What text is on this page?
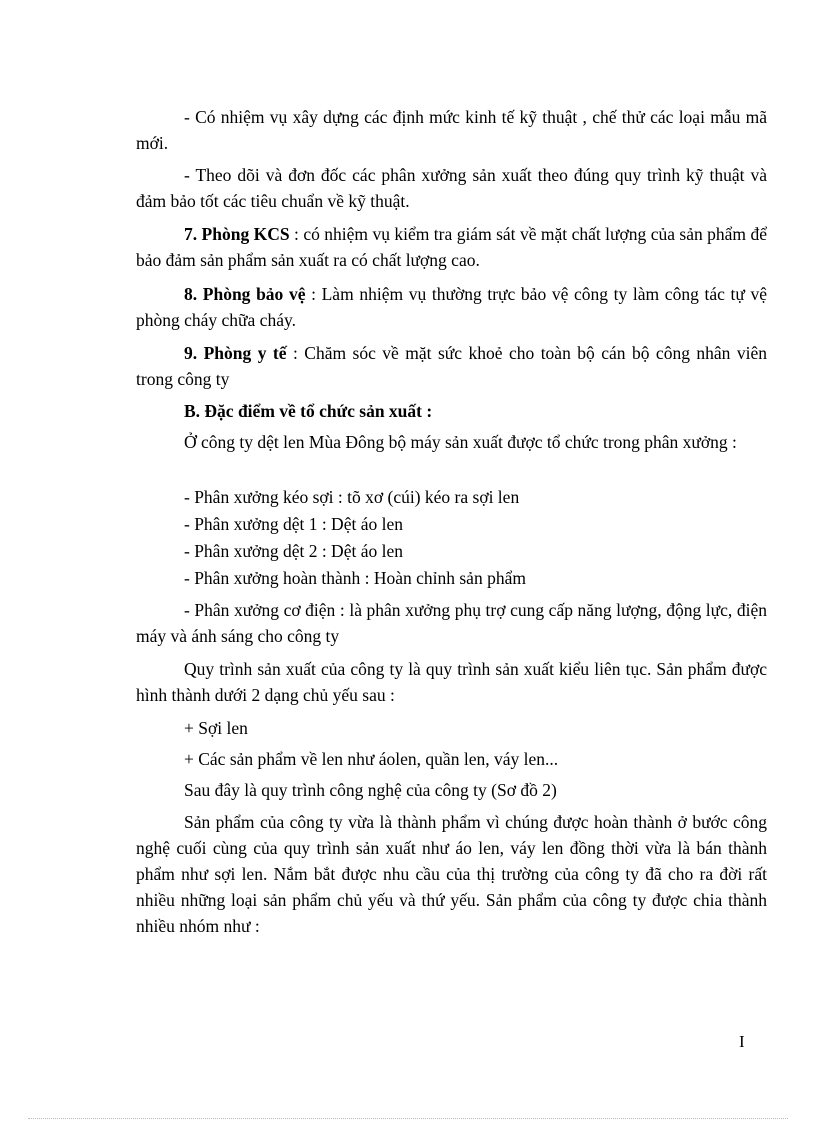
- Có nhiệm vụ xây dựng các định mức kinh tế kỹ thuật , chế thử các loại mẫu mã mới.

- Theo dõi và đơn đốc các phân xưởng sản xuất theo đúng quy trình kỹ thuật và đảm bảo tốt các tiêu chuẩn về kỹ thuật.

7. Phòng KCS : có nhiệm vụ kiểm tra giám sát về mặt chất lượng của sản phẩm để bảo đảm sản phẩm sản xuất ra có chất lượng cao.

8. Phòng bảo vệ : Làm nhiệm vụ thường trực bảo vệ công ty làm công tác tự vệ phòng cháy chữa cháy.

9. Phòng y tế : Chăm sóc về mặt sức khoẻ cho toàn bộ cán bộ công nhân viên trong công ty

B. Đặc điểm về tổ chức sản xuất :

Ở công ty dệt len Mùa Đông bộ máy sản xuất được tổ chức trong phân xưởng :

- Phân xưởng kéo sợi : tõ xơ (cúi) kéo ra sợi len

- Phân xưởng dệt 1 : Dệt áo len

- Phân xưởng dệt 2 : Dệt áo len

- Phân xưởng hoàn thành : Hoàn chỉnh sản phẩm

- Phân xưởng cơ điện : là phân xưởng phụ trợ cung cấp năng lượng, động lực, điện máy và ánh sáng cho công ty

Quy trình sản xuất của công ty là quy trình sản xuất kiểu liên tục. Sản phẩm được hình thành dưới 2 dạng chủ yếu sau :

+ Sợi len

+ Các sản phẩm về len như áolen, quần len, váy len...

Sau đây là quy trình công nghệ của công ty (Sơ đồ 2)

Sản phẩm của công ty vừa là thành phẩm vì chúng được hoàn thành ở bước công nghệ cuối cùng của quy trình sản xuất như áo len, váy len đồng thời vừa là bán thành phẩm như sợi len. Nắm bắt được nhu cầu của thị trường của công ty đã cho ra đời rất nhiều những loại sản phẩm chủ yếu và thứ yếu. Sản phẩm của công ty được chia thành nhiều nhóm như :

I
